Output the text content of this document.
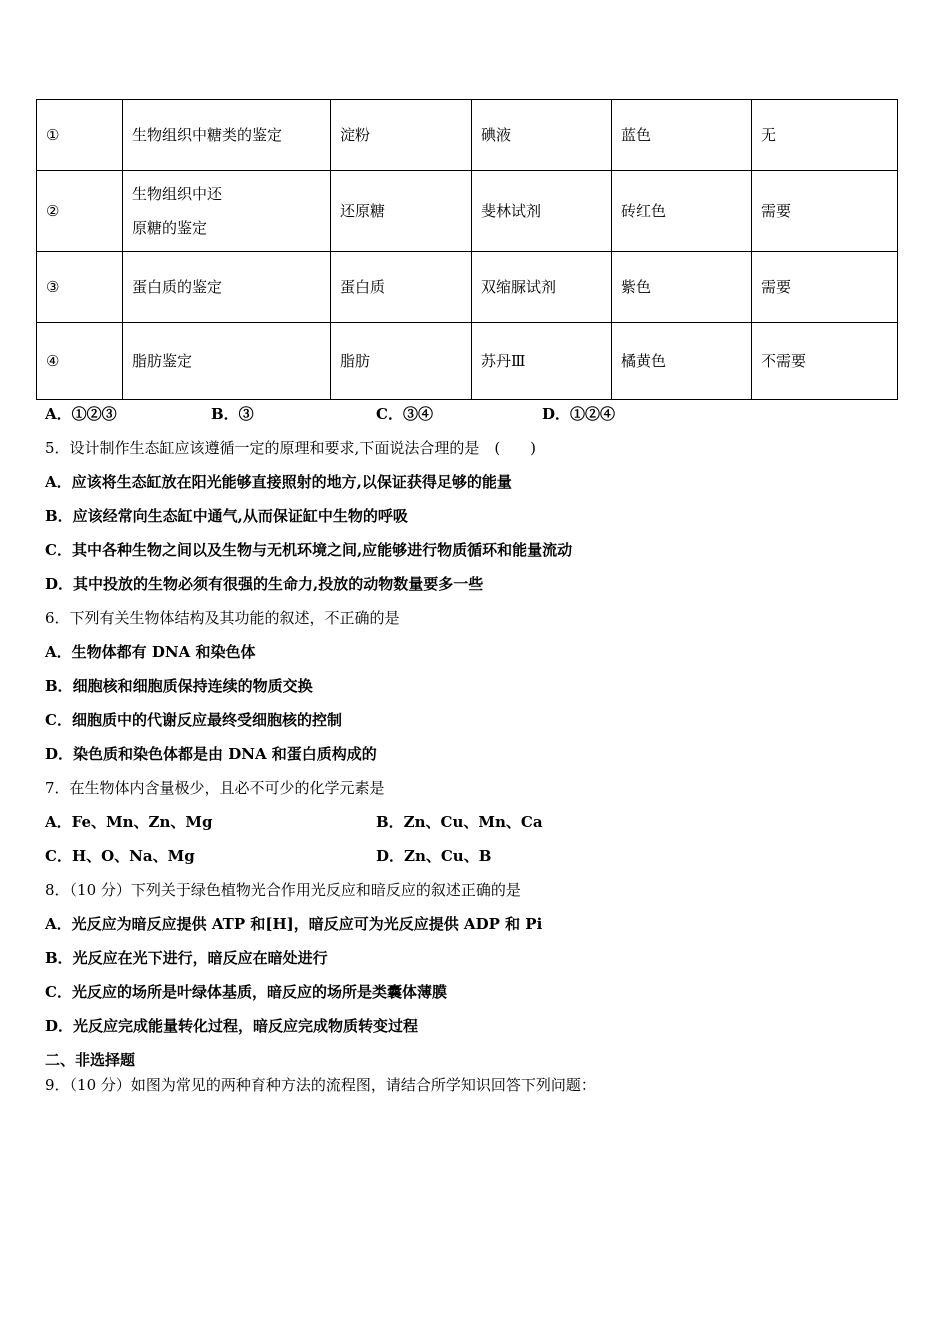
①	生物组织中糖类的鉴定	淀粉	碘液	蓝色	无
②	生物组织中还
原糖的鉴定	还原糖	斐林试剂	砖红色	需要
③	蛋白质的鉴定	蛋白质	双缩脲试剂	紫色	需要
④	脂肪鉴定	脂肪	苏丹Ⅲ	橘黄色	不需要
A．①②③	B．③	C．③④	D．①②④
5．设计制作生态缸应该遵循一定的原理和要求,下面说法合理的是　(　　)
A．应该将生态缸放在阳光能够直接照射的地方,以保证获得足够的能量
B．应该经常向生态缸中通气,从而保证缸中生物的呼吸
C．其中各种生物之间以及生物与无机环境之间,应能够进行物质循环和能量流动
D．其中投放的生物必须有很强的生命力,投放的动物数量要多一些
6．下列有关生物体结构及其功能的叙述，不正确的是
A．生物体都有 DNA 和染色体
B．细胞核和细胞质保持连续的物质交换
C．细胞质中的代谢反应最终受细胞核的控制
D．染色质和染色体都是由 DNA 和蛋白质构成的
7．在生物体内含量极少，且必不可少的化学元素是
A．Fe、Mn、Zn、Mg	B．Zn、Cu、Mn、Ca
C．H、O、Na、Mg	D．Zn、Cu、B
8．（10 分）下列关于绿色植物光合作用光反应和暗反应的叙述正确的是
A．光反应为暗反应提供 ATP 和[H]，暗反应可为光反应提供 ADP 和 Pi
B．光反应在光下进行，暗反应在暗处进行
C．光反应的场所是叶绿体基质，暗反应的场所是类囊体薄膜
D．光反应完成能量转化过程，暗反应完成物质转变过程
二、非选择题
9．（10 分）如图为常见的两种育种方法的流程图，请结合所学知识回答下列问题：
